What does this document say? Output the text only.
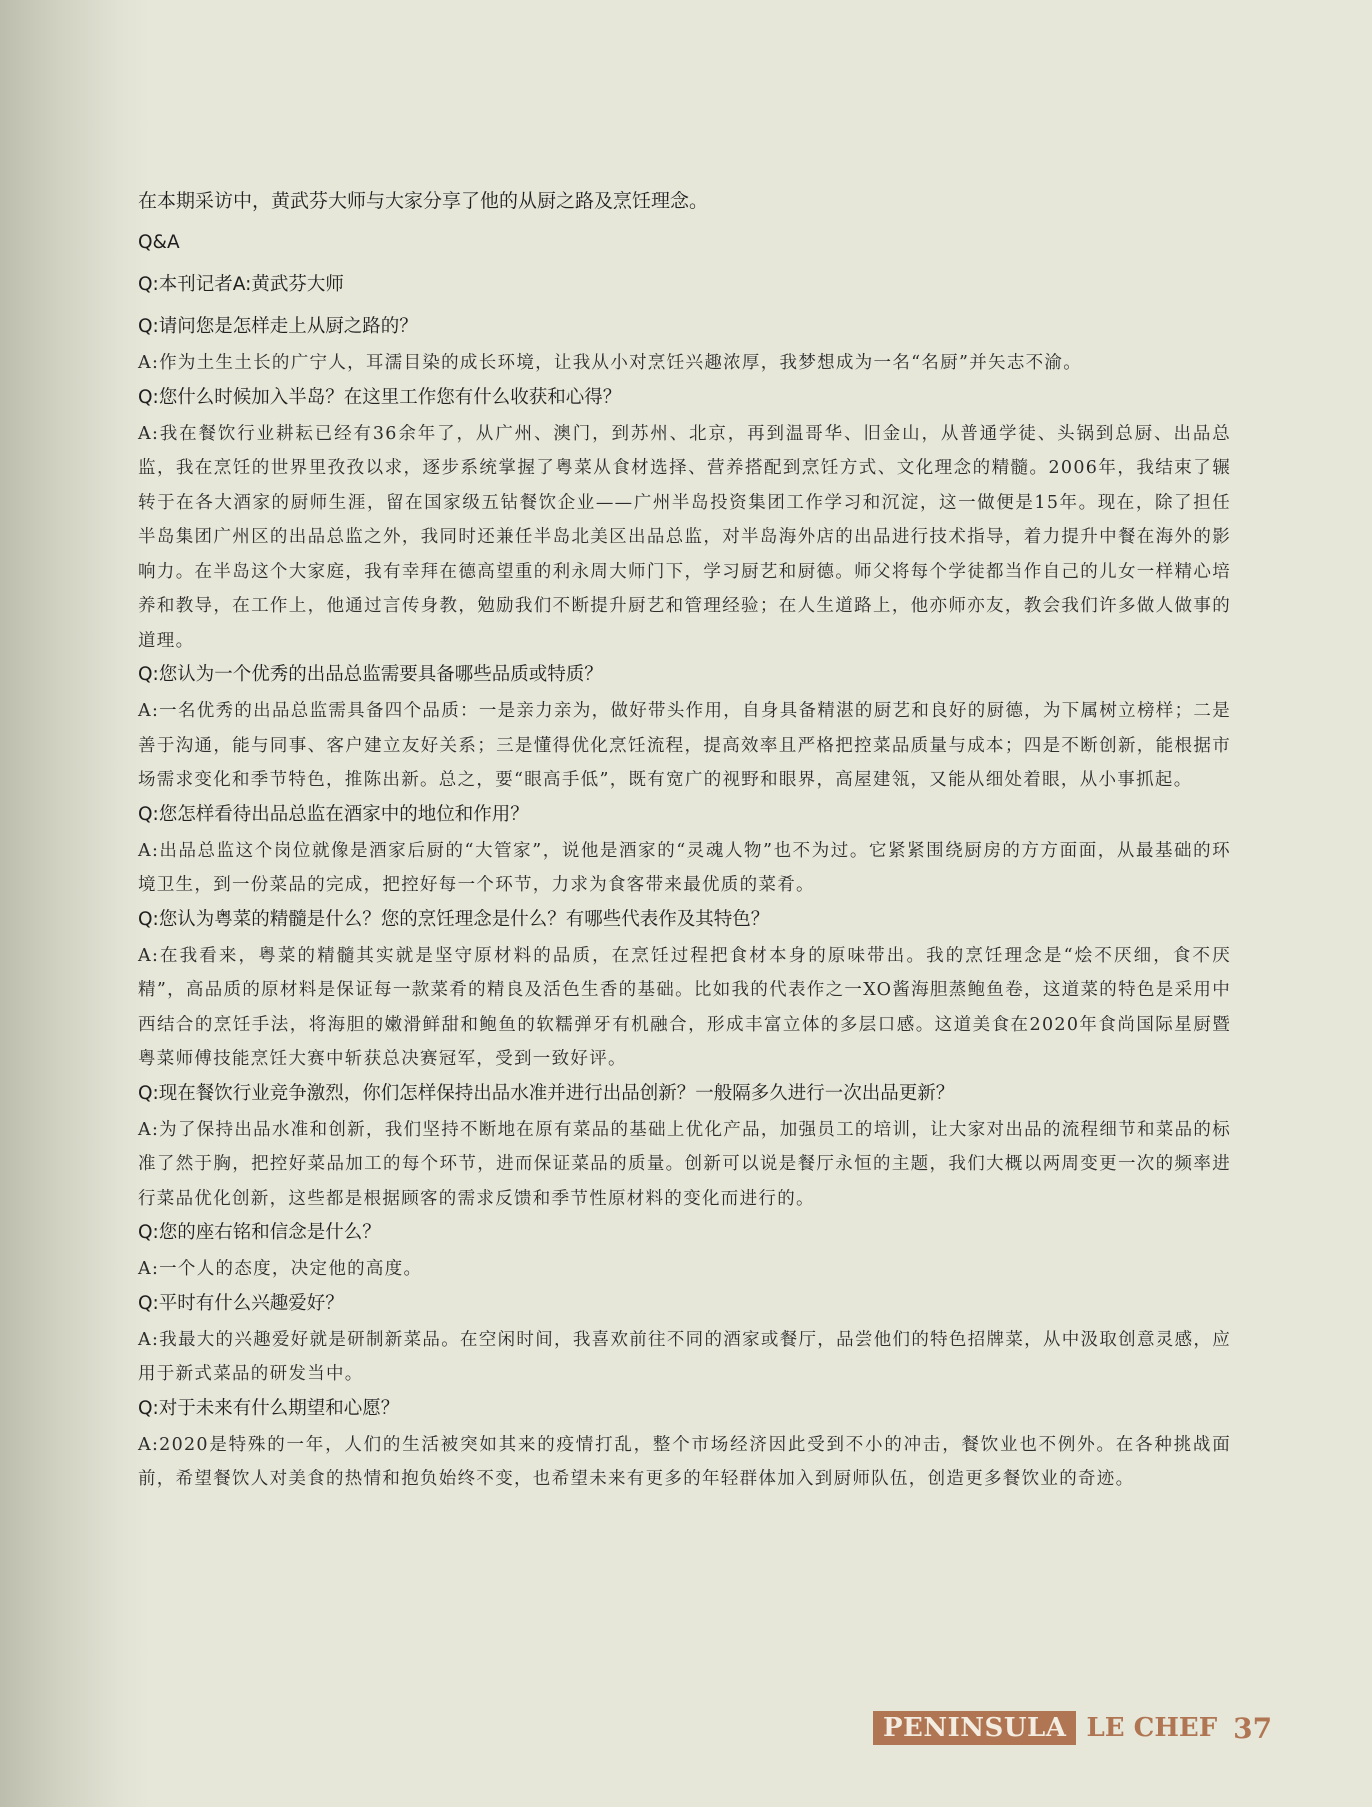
在本期采访中，黄武芬大师与大家分享了他的从厨之路及烹饪理念。

Q&A

Q:本刊记者A:黄武芬大师

Q:请问您是怎样走上从厨之路的？

A:作为土生土长的广宁人，耳濡目染的成长环境，让我从小对烹饪兴趣浓厚，我梦想成为一名“名厨”并矢志不渝。

Q:您什么时候加入半岛？在这里工作您有什么收获和心得？

A:我在餐饮行业耕耘已经有36余年了，从广州、澳门，到苏州、北京，再到温哥华、旧金山，从普通学徒、头锅到总厨、出品总监，我在烹饪的世界里孜孜以求，逐步系统掌握了粤菜从食材选择、营养搭配到烹饪方式、文化理念的精髓。2006年，我结束了辗转于在各大酒家的厨师生涯，留在国家级五钻餐饮企业——广州半岛投资集团工作学习和沉淀，这一做便是15年。现在，除了担任半岛集团广州区的出品总监之外，我同时还兼任半岛北美区出品总监，对半岛海外店的出品进行技术指导，着力提升中餐在海外的影响力。在半岛这个大家庭，我有幸拜在德高望重的利永周大师门下，学习厨艺和厨德。师父将每个学徒都当作自己的儿女一样精心培养和教导，在工作上，他通过言传身教，勉励我们不断提升厨艺和管理经验；在人生道路上，他亦师亦友，教会我们许多做人做事的道理。

Q:您认为一个优秀的出品总监需要具备哪些品质或特质？

A:一名优秀的出品总监需具备四个品质：一是亲力亲为，做好带头作用，自身具备精湛的厨艺和良好的厨德，为下属树立榜样；二是善于沟通，能与同事、客户建立友好关系；三是懂得优化烹饪流程，提高效率且严格把控菜品质量与成本；四是不断创新，能根据市场需求变化和季节特色，推陈出新。总之，要“眼高手低”，既有宽广的视野和眼界，高屋建瓴，又能从细处着眼，从小事抓起。

Q:您怎样看待出品总监在酒家中的地位和作用？

A:出品总监这个岗位就像是酒家后厨的“大管家”，说他是酒家的“灵魂人物”也不为过。它紧紧围绕厨房的方方面面，从最基础的环境卫生，到一份菜品的完成，把控好每一个环节，力求为食客带来最优质的菜肴。

Q:您认为粤菜的精髓是什么？您的烹饪理念是什么？有哪些代表作及其特色？

A:在我看来，粤菜的精髓其实就是坚守原材料的品质，在烹饪过程把食材本身的原味带出。我的烹饪理念是“烩不厌细，食不厌精”，高品质的原材料是保证每一款菜肴的精良及活色生香的基础。比如我的代表作之一XO酱海胆蒸鲍鱼卷，这道菜的特色是采用中西结合的烹饪手法，将海胆的嫩滑鲜甜和鲍鱼的软糯弹牙有机融合，形成丰富立体的多层口感。这道美食在2020年食尚国际星厨暨粤菜师傅技能烹饪大赛中斩获总决赛冠军，受到一致好评。

Q:现在餐饮行业竞争激烈，你们怎样保持出品水准并进行出品创新？一般隔多久进行一次出品更新？

A:为了保持出品水准和创新，我们坚持不断地在原有菜品的基础上优化产品，加强员工的培训，让大家对出品的流程细节和菜品的标准了然于胸，把控好菜品加工的每个环节，进而保证菜品的质量。创新可以说是餐厅永恒的主题，我们大概以两周变更一次的频率进行菜品优化创新，这些都是根据顾客的需求反馈和季节性原材料的变化而进行的。

Q:您的座右铭和信念是什么？

A:一个人的态度，决定他的高度。

Q:平时有什么兴趣爱好？

A:我最大的兴趣爱好就是研制新菜品。在空闲时间，我喜欢前往不同的酒家或餐厅，品尝他们的特色招牌菜，从中汲取创意灵感，应用于新式菜品的研发当中。

Q:对于未来有什么期望和心愿？

A:2020是特殊的一年，人们的生活被突如其来的疫情打乱，整个市场经济因此受到不小的冲击，餐饮业也不例外。在各种挑战面前，希望餐饮人对美食的热情和抱负始终不变，也希望未来有更多的年轻群体加入到厨师队伍，创造更多餐饮业的奇迹。

PENINSULA LE CHEF 37
